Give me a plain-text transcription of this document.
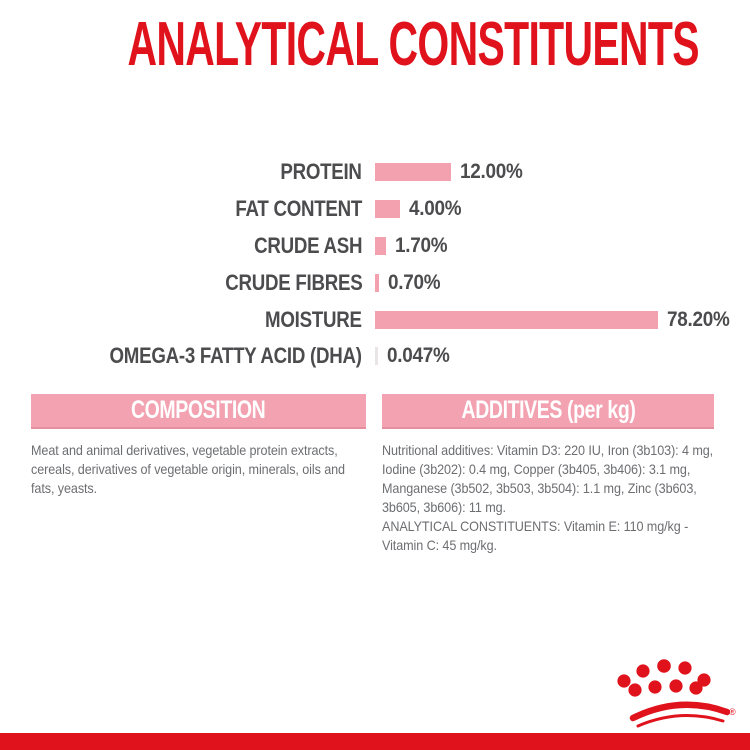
ANALYTICAL CONSTITUENTS
PROTEIN	12.00%
FAT CONTENT 4.00%
CRUDE ASH 1.70%
CRUDE FIBRES 0.70%
MOISTURE	78.20%
OMEGA-3 FATTY ACID (DHA) 0.047%
COMPOSITION	ADDITIVES (per kg)

Meat and animal derivatives, vegetable protein extracts, cereals, derivatives of vegetable origin, minerals, oils and fats, yeasts.

Nutritional additives: Vitamin D3: 220 IU, Iron (3b103): 4 mg, Iodine (3b202): 0.4 mg, Copper (3b405, 3b406): 3.1 mg, Manganese (3b502, 3b503, 3b504): 1.1 mg, Zinc (3b603, 3b605, 3b606): 11 mg.

ANALYTICAL CONSTITUENTS: Vitamin E: 110 mg/kg - Vitamin C: 45 mg/kg.

®
